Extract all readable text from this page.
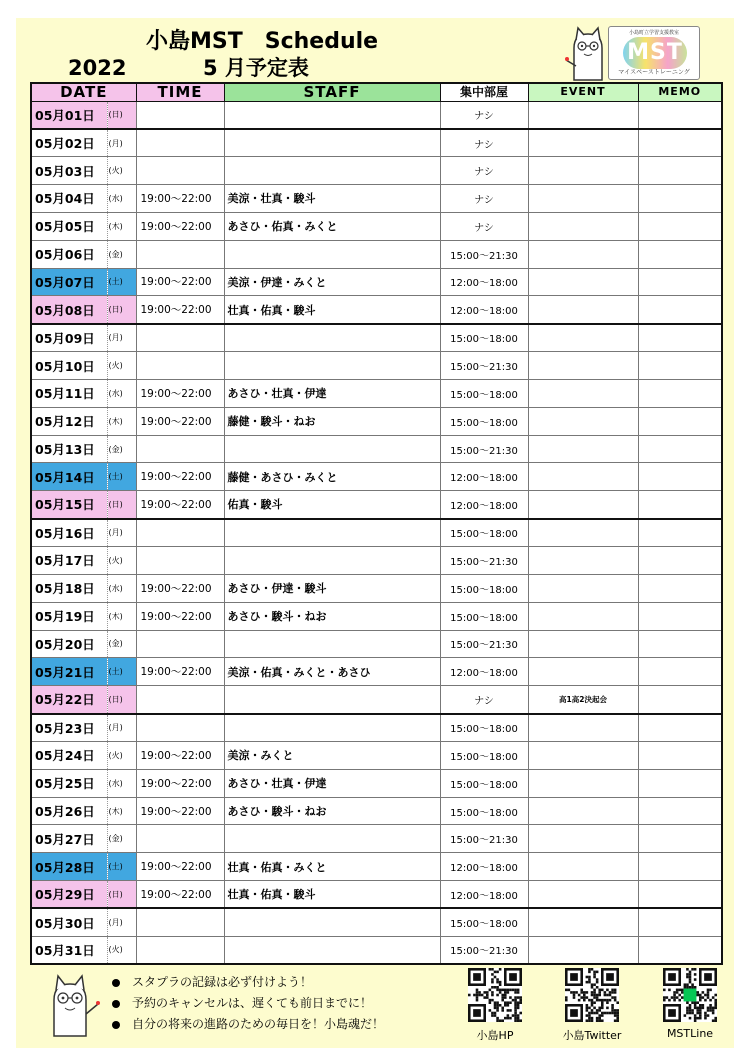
小島MST　Schedule
2022	5 月予定表
小島町立学習支援教室
MST
マイスペーストレーニング
DATE		TIME	STAFF	集中部屋	EVENT	MEMO
05月01日	(日)			ナシ		
05月02日	(月)			ナシ		
05月03日	(火)			ナシ		
05月04日	(水)	19:00～22:00	美涼・壮真・駿斗	ナシ		
05月05日	(木)	19:00～22:00	あさひ・佑真・みくと	ナシ		
05月06日	(金)			15:00～21:30		
05月07日	(土)	19:00～22:00	美涼・伊達・みくと	12:00～18:00		
05月08日	(日)	19:00～22:00	壮真・佑真・駿斗	12:00～18:00		
05月09日	(月)			15:00～18:00		
05月10日	(火)			15:00～21:30		
05月11日	(水)	19:00～22:00	あさひ・壮真・伊達	15:00～18:00		
05月12日	(木)	19:00～22:00	藤健・駿斗・ねお	15:00～18:00		
05月13日	(金)			15:00～21:30		
05月14日	(土)	19:00～22:00	藤健・あさひ・みくと	12:00～18:00		
05月15日	(日)	19:00～22:00	佑真・駿斗	12:00～18:00		
05月16日	(月)			15:00～18:00		
05月17日	(火)			15:00～21:30		
05月18日	(水)	19:00～22:00	あさひ・伊達・駿斗	15:00～18:00		
05月19日	(木)	19:00～22:00	あさひ・駿斗・ねお	15:00～18:00		
05月20日	(金)			15:00～21:30		
05月21日	(土)	19:00～22:00	美涼・佑真・みくと・あさひ	12:00～18:00		
05月22日	(日)			ナシ	高1高2決起会	
05月23日	(月)			15:00～18:00		
05月24日	(火)	19:00～22:00	美涼・みくと	15:00～18:00		
05月25日	(水)	19:00～22:00	あさひ・壮真・伊達	15:00～18:00		
05月26日	(木)	19:00～22:00	あさひ・駿斗・ねお	15:00～18:00		
05月27日	(金)			15:00～21:30		
05月28日	(土)	19:00～22:00	壮真・佑真・みくと	12:00～18:00		
05月29日	(日)	19:00～22:00	壮真・佑真・駿斗	12:00～18:00		
05月30日	(月)			15:00～18:00		
05月31日	(火)			15:00～21:30		
スタプラの記録は必ず付けよう！
予約のキャンセルは、遅くても前日までに！
自分の将来の進路のための毎日を！小島魂だ！
小島HP	小島Twitter	MSTLine
